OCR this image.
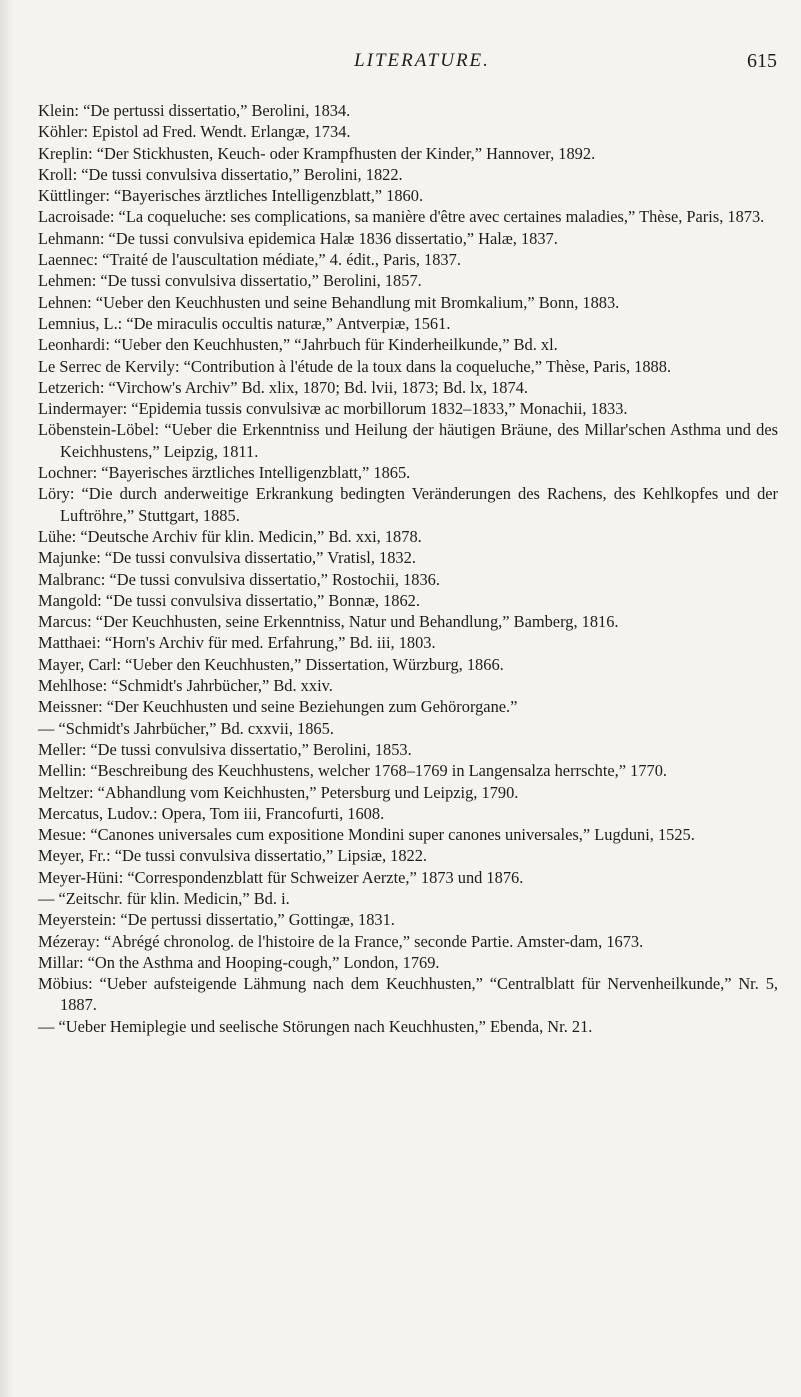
LITERATURE.	615
Klein: “De pertussi dissertatio,” Berolini, 1834.
Köhler: Epistol ad Fred. Wendt. Erlangæ, 1734.
Kreplin: “Der Stickhusten, Keuch- oder Krampfhusten der Kinder,” Hannover, 1892.
Kroll: “De tussi convulsiva dissertatio,” Berolini, 1822.
Küttlinger: “Bayerisches ärztliches Intelligenzblatt,” 1860.
Lacroisade: “La coqueluche: ses complications, sa manière d'être avec certaines maladies,” Thèse, Paris, 1873.
Lehmann: “De tussi convulsiva epidemica Halæ 1836 dissertatio,” Halæ, 1837.
Laennec: “Traité de l'auscultation médiate,” 4. édit., Paris, 1837.
Lehmen: “De tussi convulsiva dissertatio,” Berolini, 1857.
Lehnen: “Ueber den Keuchhusten und seine Behandlung mit Bromkalium,” Bonn, 1883.
Lemnius, L.: “De miraculis occultis naturæ,” Antverpiæ, 1561.
Leonhardi: “Ueber den Keuchhusten,” “Jahrbuch für Kinderheilkunde,” Bd. xl.
Le Serrec de Kervily: “Contribution à l'étude de la toux dans la coqueluche,” Thèse, Paris, 1888.
Letzerich: “Virchow's Archiv” Bd. xlix, 1870; Bd. lvii, 1873; Bd. lx, 1874.
Lindermayer: “Epidemia tussis convulsivæ ac morbillorum 1832–1833,” Monachii, 1833.
Löbenstein-Löbel: “Ueber die Erkenntniss und Heilung der häutigen Bräune, des Millar'schen Asthma und des Keichhustens,” Leipzig, 1811.
Lochner: “Bayerisches ärztliches Intelligenzblatt,” 1865.
Löry: “Die durch anderweitige Erkrankung bedingten Veränderungen des Rachens, des Kehlkopfes und der Luftröhre,” Stuttgart, 1885.
Lühe: “Deutsche Archiv für klin. Medicin,” Bd. xxi, 1878.
Majunke: “De tussi convulsiva dissertatio,” Vratisl, 1832.
Malbranc: “De tussi convulsiva dissertatio,” Rostochii, 1836.
Mangold: “De tussi convulsiva dissertatio,” Bonnæ, 1862.
Marcus: “Der Keuchhusten, seine Erkenntniss, Natur und Behandlung,” Bamberg, 1816.
Matthaei: “Horn's Archiv für med. Erfahrung,” Bd. iii, 1803.
Mayer, Carl: “Ueber den Keuchhusten,” Dissertation, Würzburg, 1866.
Mehlhose: “Schmidt's Jahrbücher,” Bd. xxiv.
Meissner: “Der Keuchhusten und seine Beziehungen zum Gehörorgane.”
— “Schmidt's Jahrbücher,” Bd. cxxvii, 1865.
Meller: “De tussi convulsiva dissertatio,” Berolini, 1853.
Mellin: “Beschreibung des Keuchhustens, welcher 1768–1769 in Langensalza herrschte,” 1770.
Meltzer: “Abhandlung vom Keichhusten,” Petersburg und Leipzig, 1790.
Mercatus, Ludov.: Opera, Tom iii, Francofurti, 1608.
Mesue: “Canones universales cum expositione Mondini super canones universales,” Lugduni, 1525.
Meyer, Fr.: “De tussi convulsiva dissertatio,” Lipsiæ, 1822.
Meyer-Hüni: “Correspondenzblatt für Schweizer Aerzte,” 1873 und 1876.
— “Zeitschr. für klin. Medicin,” Bd. i.
Meyerstein: “De pertussi dissertatio,” Gottingæ, 1831.
Mézeray: “Abrégé chronolog. de l'histoire de la France,” seconde Partie. Amster-dam, 1673.
Millar: “On the Asthma and Hooping-cough,” London, 1769.
Möbius: “Ueber aufsteigende Lähmung nach dem Keuchhusten,” “Centralblatt für Nervenheilkunde,” Nr. 5, 1887.
— “Ueber Hemiplegie und seelische Störungen nach Keuchhusten,” Ebenda, Nr. 21.
